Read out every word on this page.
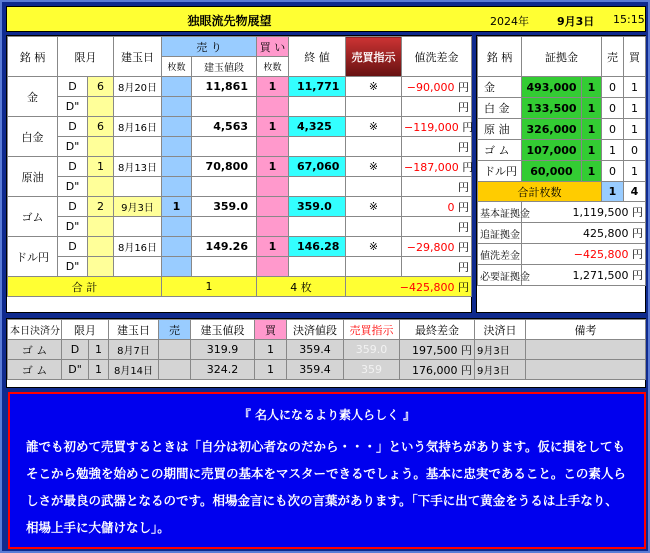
独眼流先物展望	2024年	9月3日 15:15
銘 柄	限月		建玉日	売 り		買 い	終 値	売買指示	値洗差金
				枚数	建玉値段	枚数			
金	D	6	8月20日		11,861	1	11,771	※	−90,000 円
	D"								円
白金	D	6	8月16日		4,563	1	4,325	※	−119,000 円
	D"								円
原油	D	1	8月13日		70,800	1	67,060	※	−187,000 円
	D"								円
ゴム	D	2	9月3日	1	359.0		359.0	※	0 円
	D"								円
ドル円	D		8月16日		149.26	1	146.28	※	−29,800 円
	D"								円
合 計				1		4 枚		−425,800 円	
銘 柄	証拠金		売	買
金	493,000	1	0	1
白 金	133,500	1	0	1
原 油	326,000	1	0	1
ゴ ム	107,000	1	1	0
ドル円	60,000	1	0	1
合計枚数			1	4
基本証拠金	1,119,500 円			
追証拠金	425,800 円			
値洗差金	−425,800 円			
必要証拠金	1,271,500 円			

本日決済分	限月		建玉日	売	建玉値段	買	決済値段	売買指示	最終差金	決済日	備考
ゴ ム	D	1	8月7日		319.9	1	359.4	359.0	197,500 円	9月3日	
ゴ ム	D"	1	8月14日		324.2	1	359.4	359	176,000 円	9月3日	
『 名人になるより素人らしく 』

誰でも初めて売買するときは「自分は初心者なのだから・・・」という気持ちがあります。仮に損をしてもそこから勉強を始めこの期間に売買の基本をマスターできるでしょう。基本に忠実であること。この素人らしさが最良の武器となるのです。相場金言にも次の言葉があります。「下手に出て黄金をうるは上手なり、相場上手に大儲けなし」。
